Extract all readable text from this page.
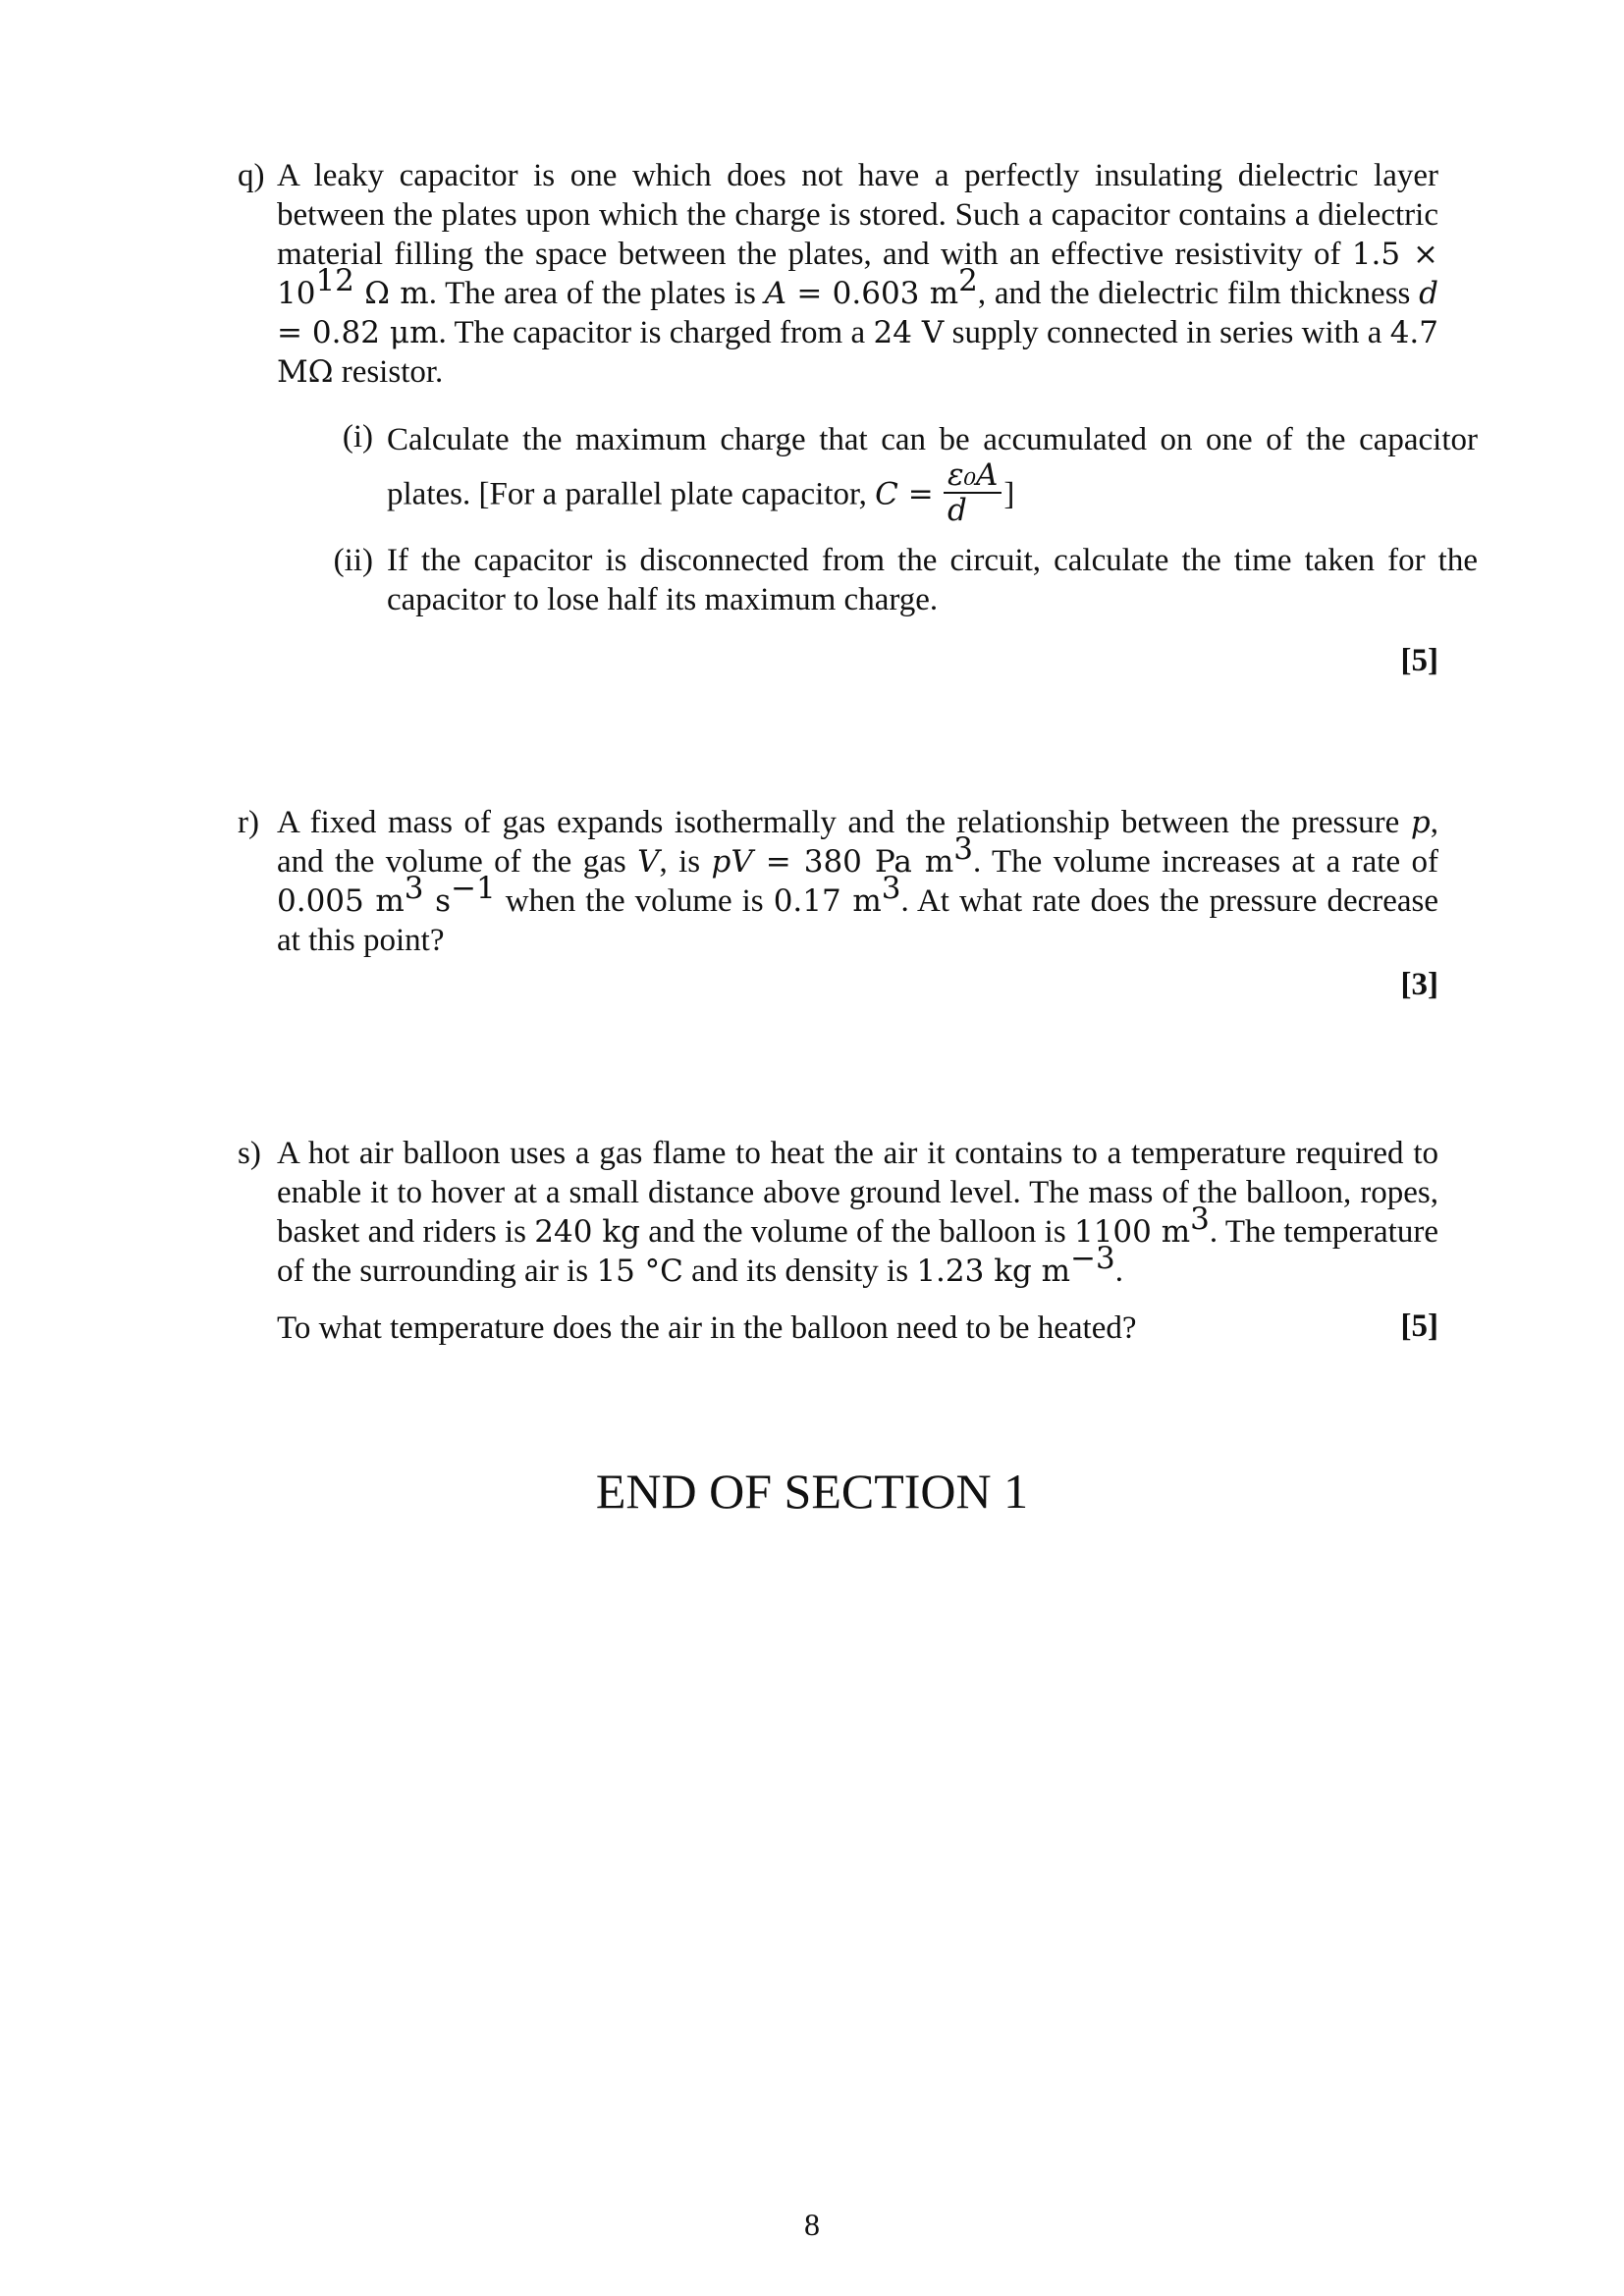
q) A leaky capacitor is one which does not have a perfectly insulating dielectric layer between the plates upon which the charge is stored. Such a capacitor contains a dielectric material filling the space between the plates, and with an effective resistivity of $1.5 \times 10^{12}$ Ω m. The area of the plates is A = 0.603 $m^2$, and the dielectric film thickness d = 0.82 μm. The capacitor is charged from a 24 V supply connected in series with a 4.7 MΩ resistor.

(i) Calculate the maximum charge that can be accumulated on one of the capacitor plates. [For a parallel plate capacitor, $C = \frac{\text{ε₀A}}{d}$ ]
(ii) If the capacitor is disconnected from the circuit, calculate the time taken for the capacitor to lose half its maximum charge.
[5]
r) A fixed mass of gas expands isothermally and the relationship between the pressure p, and the volume of the gas V, is pV = 380 Pa $m^3$. The volume increases at a rate of 0.005 $m^3$ $s^{-1}$ when the volume is 0.17 $m^3$. At what rate does the pressure decrease at this point?

[3]
s) A hot air balloon uses a gas flame to heat the air it contains to a temperature required to enable it to hover at a small distance above ground level. The mass of the balloon, ropes, basket and riders is 240 kg and the volume of the balloon is 1100 $m^3$. The temperature of the surrounding air is 15 °C and its density is 1.23 kg $m^{-3}$.

To what temperature does the air in the balloon need to be heated?	[5]
END OF SECTION 1
8
